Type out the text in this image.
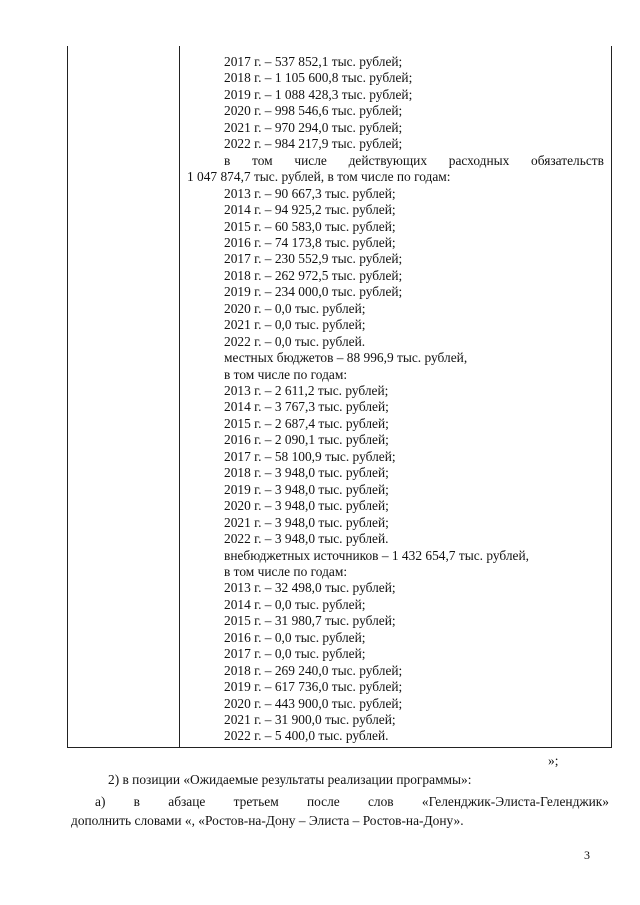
2017 г. – 537 852,1 тыс. рублей;
2018 г. – 1 105 600,8 тыс. рублей;
2019 г. – 1 088 428,3 тыс. рублей;
2020 г. – 998 546,6 тыс. рублей;
2021 г. – 970 294,0 тыс. рублей;
2022 г. – 984 217,9 тыс. рублей;
в том числе действующих расходных обязательств
1 047 874,7 тыс. рублей, в том числе по годам:
2013 г. – 90 667,3 тыс. рублей;
2014 г. – 94 925,2 тыс. рублей;
2015 г. – 60 583,0 тыс. рублей;
2016 г. – 74 173,8 тыс. рублей;
2017 г. – 230 552,9 тыс. рублей;
2018 г. – 262 972,5 тыс. рублей;
2019 г. – 234 000,0 тыс. рублей;
2020 г. – 0,0 тыс. рублей;
2021 г. – 0,0 тыс. рублей;
2022 г. – 0,0 тыс. рублей.
местных бюджетов – 88 996,9 тыс. рублей,
в том числе по годам:
2013 г. – 2 611,2 тыс. рублей;
2014 г. – 3 767,3 тыс. рублей;
2015 г. – 2 687,4 тыс. рублей;
2016 г. – 2 090,1 тыс. рублей;
2017 г. – 58 100,9 тыс. рублей;
2018 г. – 3 948,0 тыс. рублей;
2019 г. – 3 948,0 тыс. рублей;
2020 г. – 3 948,0 тыс. рублей;
2021 г. – 3 948,0 тыс. рублей;
2022 г. – 3 948,0 тыс. рублей.
внебюджетных источников – 1 432 654,7 тыс. рублей,
в том числе по годам:
2013 г. – 32 498,0 тыс. рублей;
2014 г. – 0,0 тыс. рублей;
2015 г. – 31 980,7 тыс. рублей;
2016 г. – 0,0 тыс. рублей;
2017 г. – 0,0 тыс. рублей;
2018 г. – 269 240,0 тыс. рублей;
2019 г. – 617 736,0 тыс. рублей;
2020 г. – 443 900,0 тыс. рублей;
2021 г. – 31 900,0 тыс. рублей;
2022 г. – 5 400,0 тыс. рублей.
»;
2) в позиции «Ожидаемые результаты реализации программы»:
а) в абзаце третьем после слов «Геленджик-Элиста-Геленджик»
дополнить словами «, «Ростов-на-Дону – Элиста – Ростов-на-Дону».
3
